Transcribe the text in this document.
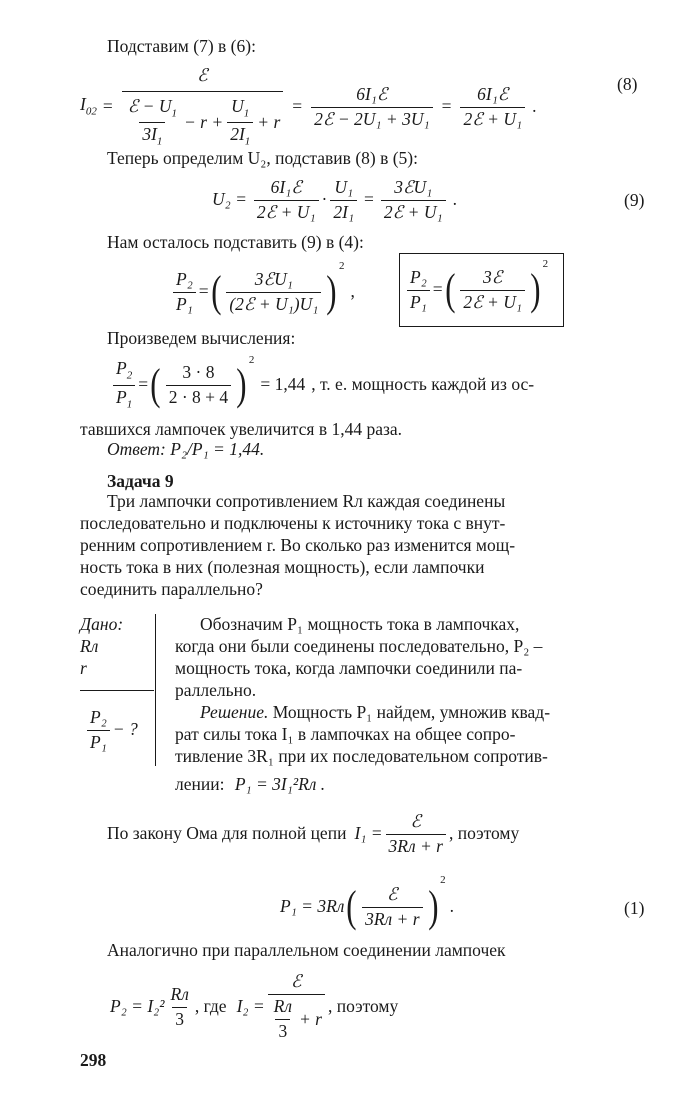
Подставим (7) в (6):
$I_{02}$ =
ℰ
$\frac{ℰ - U_1}{3I_1} - r + \frac{U_1}{2I_1} + r$
= $\frac{\text{6I₁ℰ}}{\text{2ℰ − 2U₁ + 3U₁}} = \frac{\text{6I₁ℰ}}{\text{2ℰ + U₁}}$ .
(8)
Теперь определим U₂, подставив (8) в (5):
$U_2 = \frac{\text{6I₁ℰ}}{\text{2ℰ + U₁}} \cdot \frac{\text{U₁}}{\text{2I₁}} = \frac{\text{3ℰU₁}}{\text{2ℰ + U₁}}$ .	(9)
Нам осталось подставить (9) в (4):
$\frac{\text{P₂}}{\text{P₁}}$ = ( $\frac{\text{3ℰU₁}}{\text{(2ℰ + U₁)U₁}}$ )
2
,	$\frac{\text{P₂}}{\text{P₁}}$ = ( $\frac{\text{3ℰ}}{\text{2ℰ + U₁}}$ )
2
Произведем вычисления:
$\frac{P_2}{P_1}$ = ( $\frac{3 \cdot 8}{2 \cdot 8 + 4}$ ) 2
= 1,44 , т. е. мощность каждой из ос-
тавшихся лампочек увеличится в 1,44 раза.
Ответ: P₂/P₁ = 1,44.
Задача 9
Три лампочки сопротивлением Rл каждая соединены
последовательно и подключены к источнику тока с внут-
ренним сопротивлением r. Во сколько раз изменится мощ-
ность тока в них (полезная мощность), если лампочки
соединить параллельно?
Дано:
Rл
r
$\frac{\text{P₂}}{\text{P₁}}$ − ?
Обозначим P₁ мощность тока в лампочках,
когда они были соединены последовательно, P₂ –
мощность тока, когда лампочки соединили па-
раллельно.
Решение. Мощность P₁ найдем, умножив квад-
рат силы тока I₁ в лампочках на общее сопро-
тивление 3R₁ при их последовательном сопротив-
лении: P₁ = 3I₁²Rл .
По закону Ома для полной цепи $I_1 = \frac{\text{ℰ}}{3Rл + r}$ , поэтому
P₁ = 3Rл ( $\frac{\text{ℰ}}{3Rл + r}$ )
2
.	(1)
Аналогично при параллельном соединении лампочек
$P_2 = I_2^2 \frac{Rл}{3}$ , где $I_2 = \frac{\text{ℰ}}{\frac{Rл}{3} + r}$ , поэтому
298
